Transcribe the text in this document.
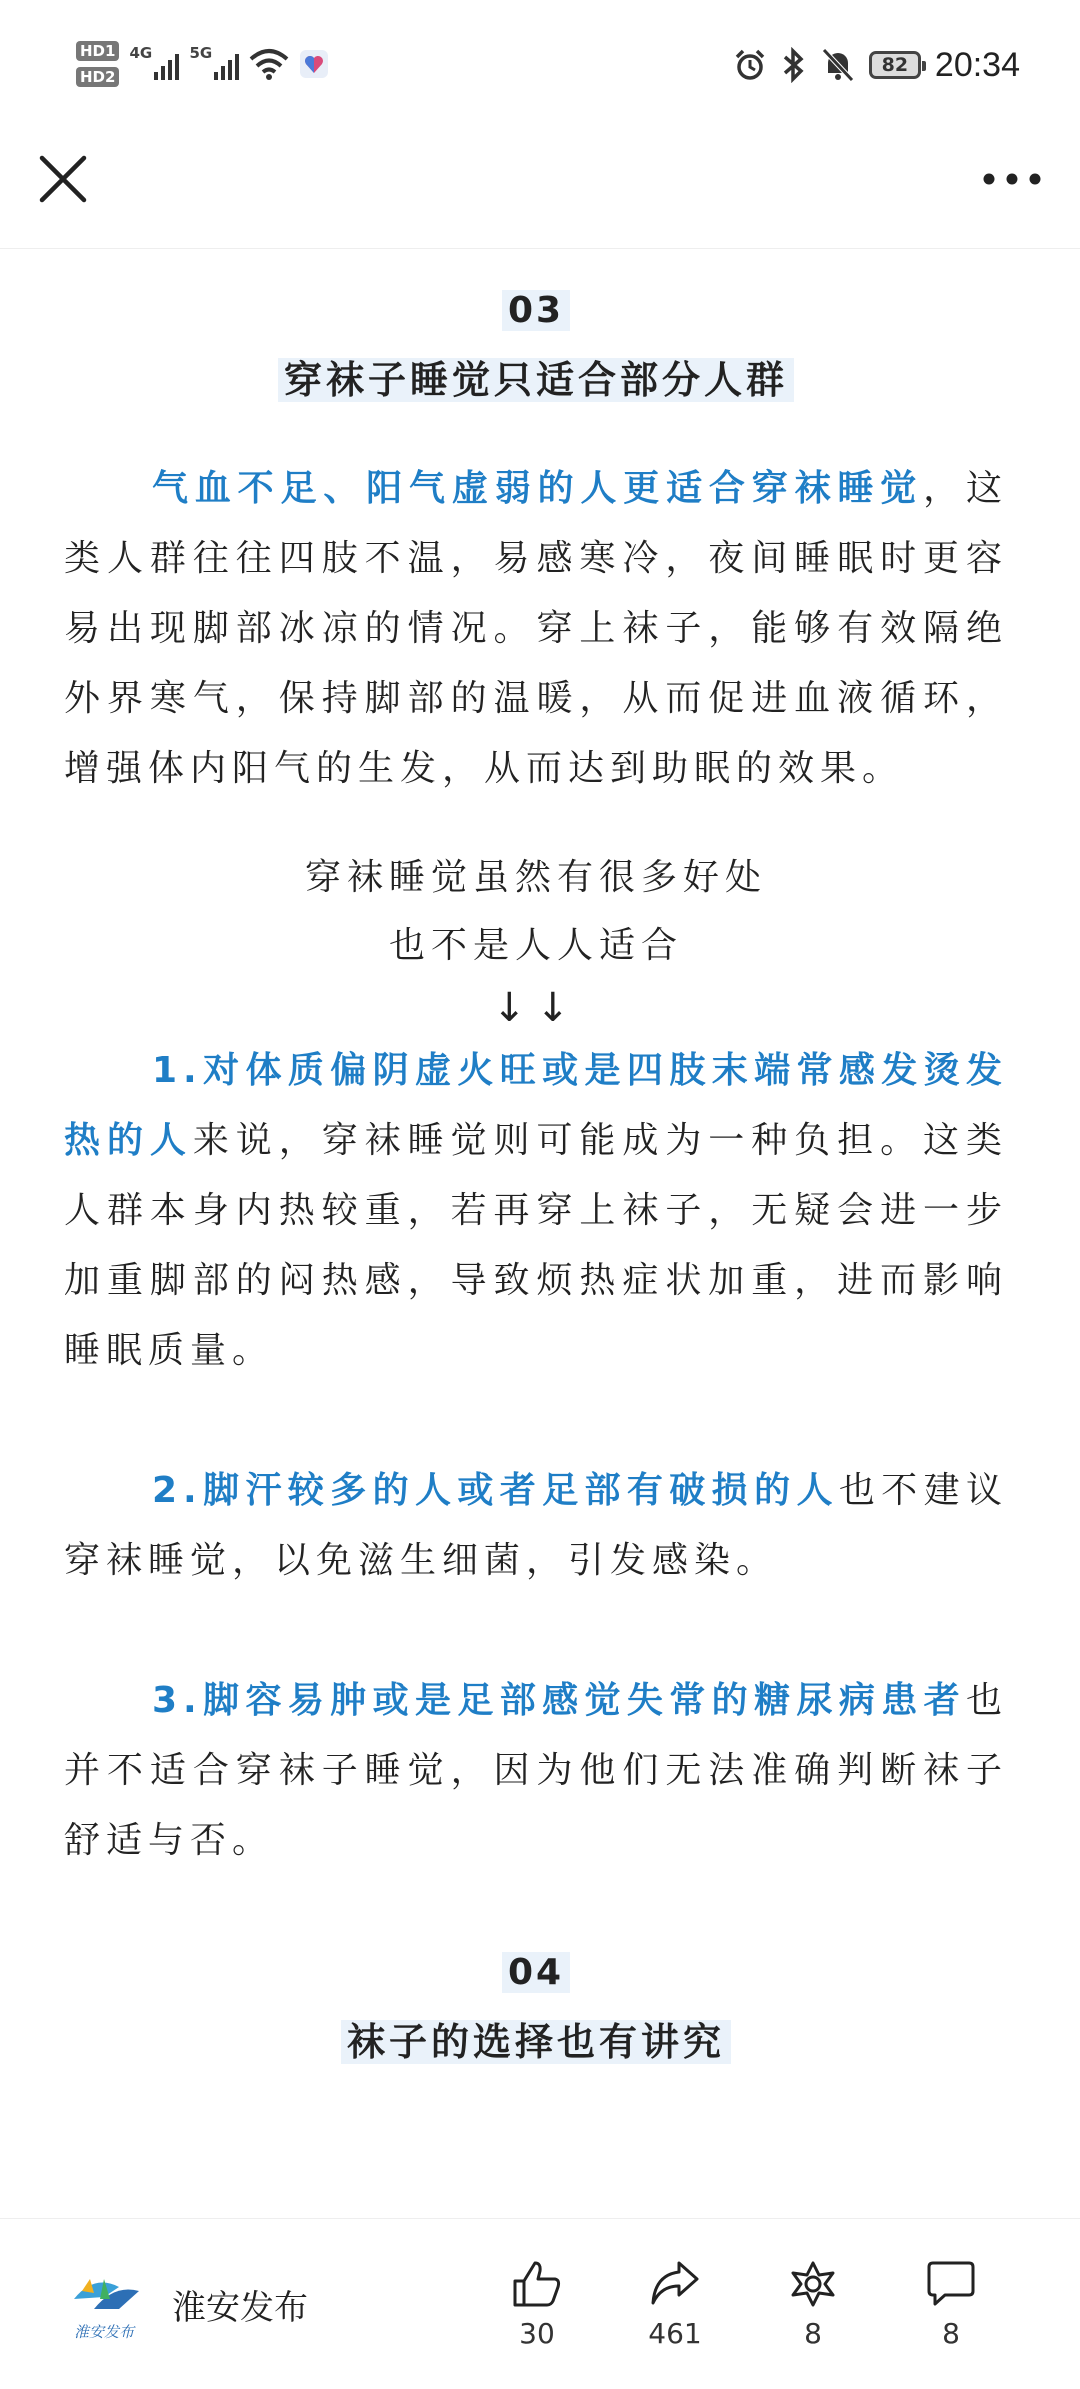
HD1
HD2
4G 5G
82 20:34
03
穿袜子睡觉只适合部分人群

气血不足、阳气虚弱的人更适合穿袜睡觉，这类人群往往四肢不温，易感寒冷，夜间睡眠时更容易出现脚部冰凉的情况。穿上袜子，能够有效隔绝外界寒气，保持脚部的温暖，从而促进血液循环，增强体内阳气的生发，从而达到助眠的效果。

穿袜睡觉虽然有很多好处

也不是人人适合

↓↓

1.对体质偏阴虚火旺或是四肢末端常感发烫发热的人来说，穿袜睡觉则可能成为一种负担。这类人群本身内热较重，若再穿上袜子，无疑会进一步加重脚部的闷热感，导致烦热症状加重，进而影响睡眠质量。

2.脚汗较多的人或者足部有破损的人也不建议穿袜睡觉，以免滋生细菌，引发感染。

3.脚容易肿或是足部感觉失常的糖尿病患者也并不适合穿袜子睡觉，因为他们无法准确判断袜子舒适与否。

04
袜子的选择也有讲究
淮安发布
淮安发布
30	461	8	8
